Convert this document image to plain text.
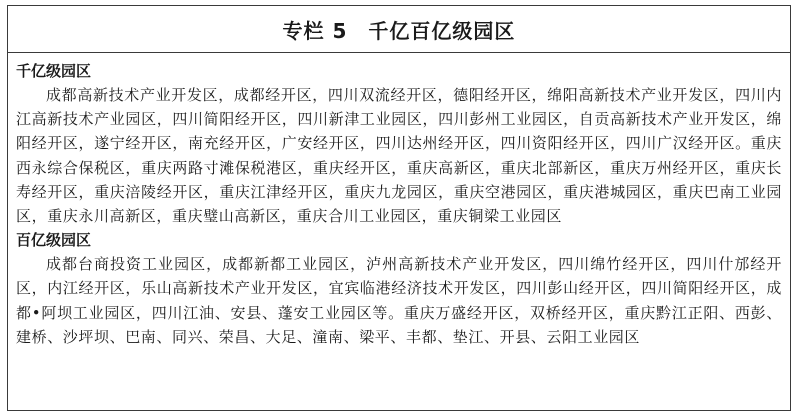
专栏 5　千亿百亿级园区
千亿级园区

成都高新技术产业开发区，成都经开区，四川双流经开区，德阳经开区，绵阳高新技术产业开发区，四川内江高新技术产业园区，四川简阳经开区，四川新津工业园区，四川彭州工业园区，自贡高新技术产业开发区，绵阳经开区，遂宁经开区，南充经开区，广安经开区，四川达州经开区，四川资阳经开区，四川广汉经开区。重庆西永综合保税区，重庆两路寸滩保税港区，重庆经开区，重庆高新区，重庆北部新区，重庆万州经开区，重庆长寿经开区，重庆涪陵经开区，重庆江津经开区，重庆九龙园区，重庆空港园区，重庆港城园区，重庆巴南工业园区，重庆永川高新区，重庆璧山高新区，重庆合川工业园区，重庆铜梁工业园区

百亿级园区

成都台商投资工业园区，成都新都工业园区，泸州高新技术产业开发区，四川绵竹经开区，四川什邡经开区，内江经开区，乐山高新技术产业开发区，宜宾临港经济技术开发区，四川彭山经开区，四川简阳经开区，成都•阿坝工业园区，四川江油、安县、蓬安工业园区等。重庆万盛经开区，双桥经开区，重庆黔江正阳、西彭、建桥、沙坪坝、巴南、同兴、荣昌、大足、潼南、梁平、丰都、垫江、开县、云阳工业园区
